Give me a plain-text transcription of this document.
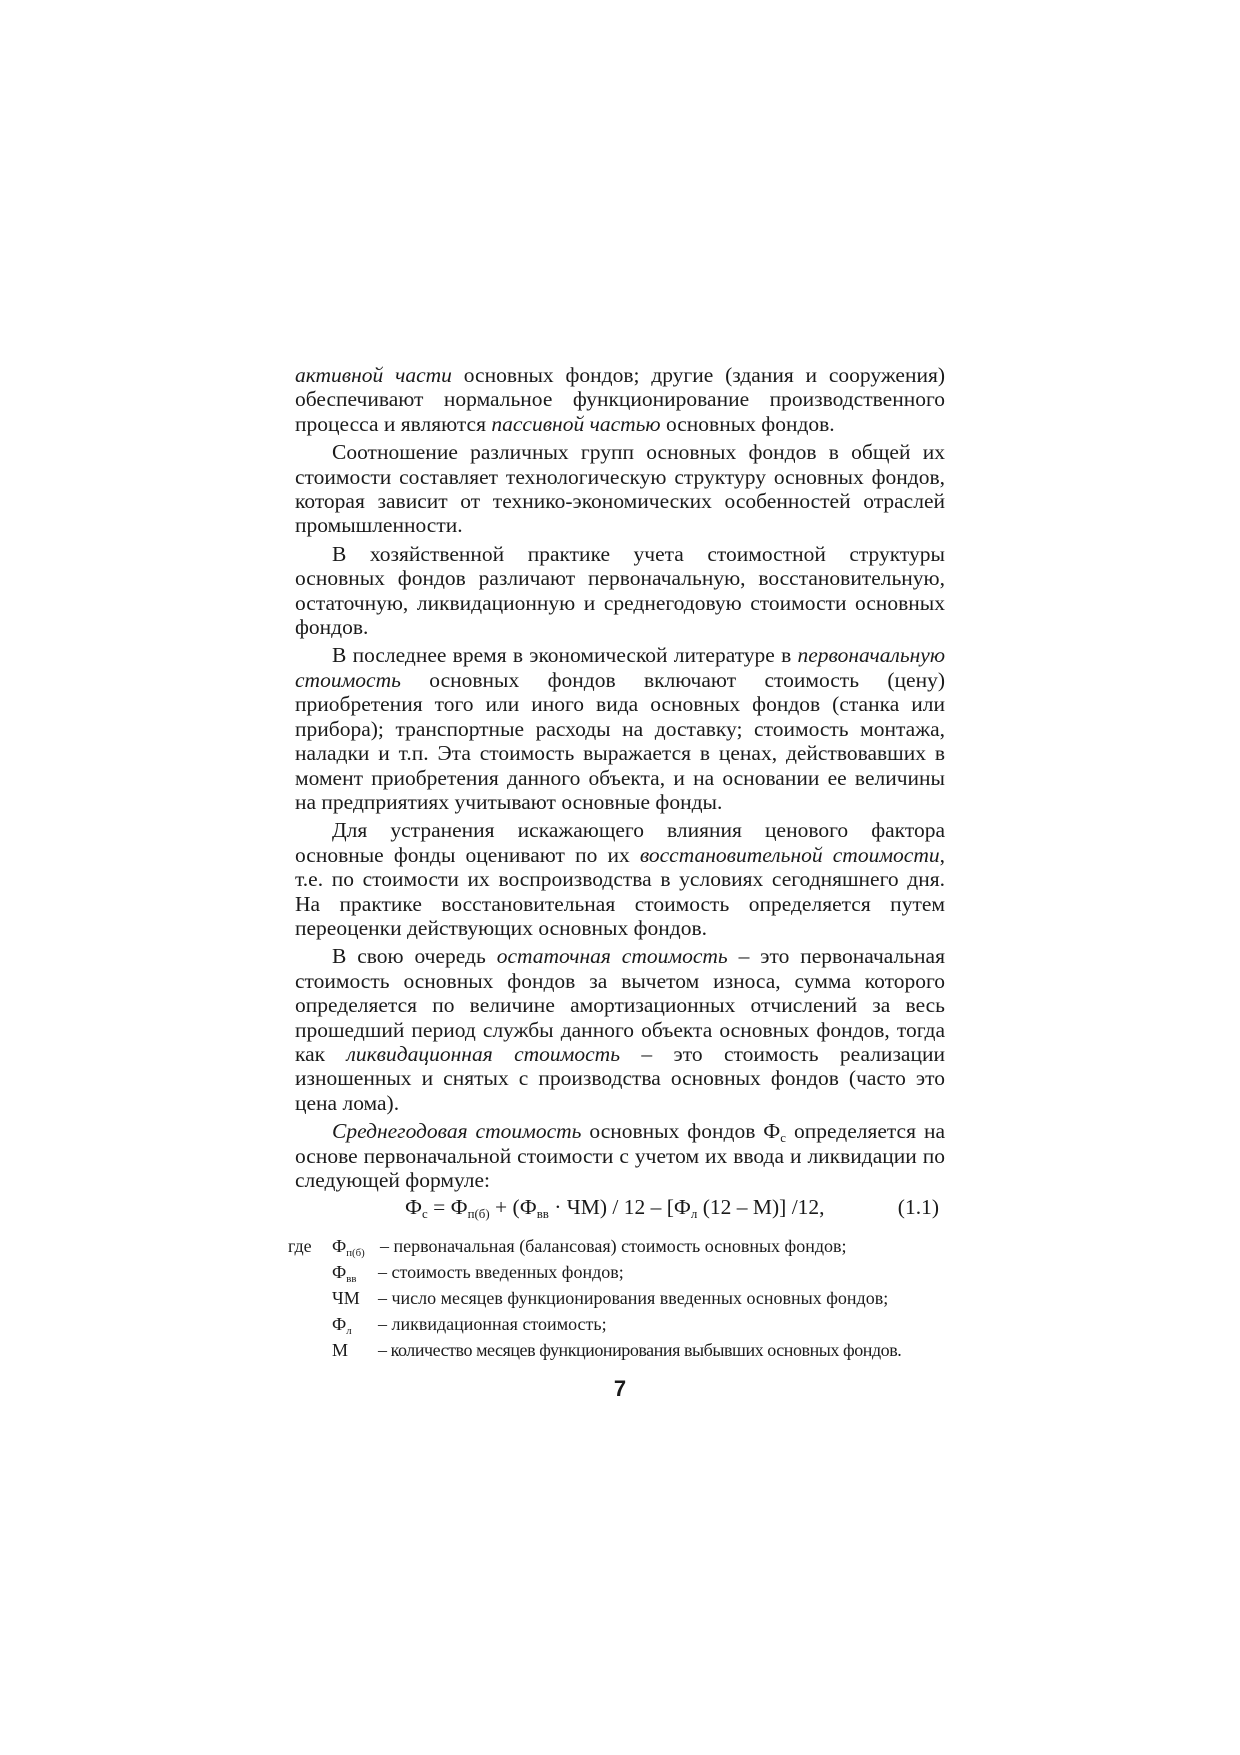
активной части основных фондов; другие (здания и сооружения) обеспечивают нормальное функционирование производственного процесса и являются пассивной частью основных фондов.

Соотношение различных групп основных фондов в общей их стоимости составляет технологическую структуру основных фондов, которая зависит от технико-экономических особенностей отраслей промышленности.

В хозяйственной практике учета стоимостной структуры основных фондов различают первоначальную, восстановительную, остаточную, ликвидационную и среднегодовую стоимости основных фондов.

В последнее время в экономической литературе в первоначальную стоимость основных фондов включают стоимость (цену) приобретения того или иного вида основных фондов (станка или прибора); транспортные расходы на доставку; стоимость монтажа, наладки и т.п. Эта стоимость выражается в ценах, действовавших в момент приобретения данного объекта, и на основании ее величины на предприятиях учитывают основные фонды.

Для устранения искажающего влияния ценового фактора основные фонды оценивают по их восстановительной стоимости, т.е. по стоимости их воспроизводства в условиях сегодняшнего дня. На практике восстановительная стоимость определяется путем переоценки действующих основных фондов.

В свою очередь остаточная стоимость – это первоначальная стоимость основных фондов за вычетом износа, сумма которого определяется по величине амортизационных отчислений за весь прошедший период службы данного объекта основных фондов, тогда как ликвидационная стоимость – это стоимость реализации изношенных и снятых с производства основных фондов (часто это цена лома).

Среднегодовая стоимость основных фондов $Ф_с$ определяется на основе первоначальной стоимости с учетом их ввода и ликвидации по следующей формуле:

$Ф_с = Ф_{п(б)} + (Ф_{вв} \cdot ЧМ) / 12 - [Ф_л$ (12 – М)] /12,	(1.1)
где $Ф_{п(б)}$ – первоначальная (балансовая) стоимость основных фондов;
$Ф_{вв}$ – стоимость введенных фондов;
ЧМ – число месяцев функционирования введенных основных фондов;
$Ф_л$ – ликвидационная стоимость;
М – количество месяцев функционирования выбывших основных фондов.
7
